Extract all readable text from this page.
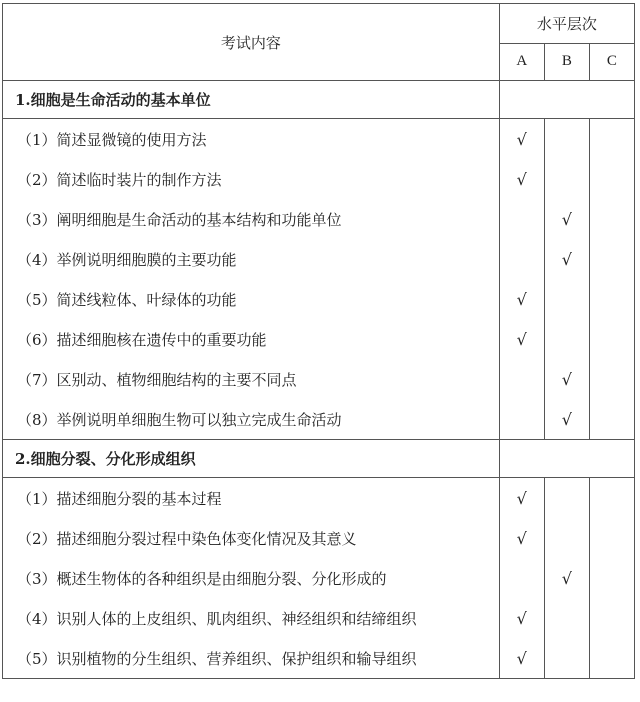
考试内容	水平层次		
	A	B	C
1.细胞是生命活动的基本单位			
（1）简述显微镜的使用方法	√		
（2）简述临时装片的制作方法	√		
（3）阐明细胞是生命活动的基本结构和功能单位		√	
（4）举例说明细胞膜的主要功能		√	
（5）简述线粒体、叶绿体的功能	√		
（6）描述细胞核在遗传中的重要功能	√		
（7）区别动、植物细胞结构的主要不同点		√	
（8）举例说明单细胞生物可以独立完成生命活动		√	
2.细胞分裂、分化形成组织			
（1）描述细胞分裂的基本过程	√		
（2）描述细胞分裂过程中染色体变化情况及其意义	√		
（3）概述生物体的各种组织是由细胞分裂、分化形成的		√	
（4）识别人体的上皮组织、肌肉组织、神经组织和结缔组织	√		
（5）识别植物的分生组织、营养组织、保护组织和输导组织	√		
